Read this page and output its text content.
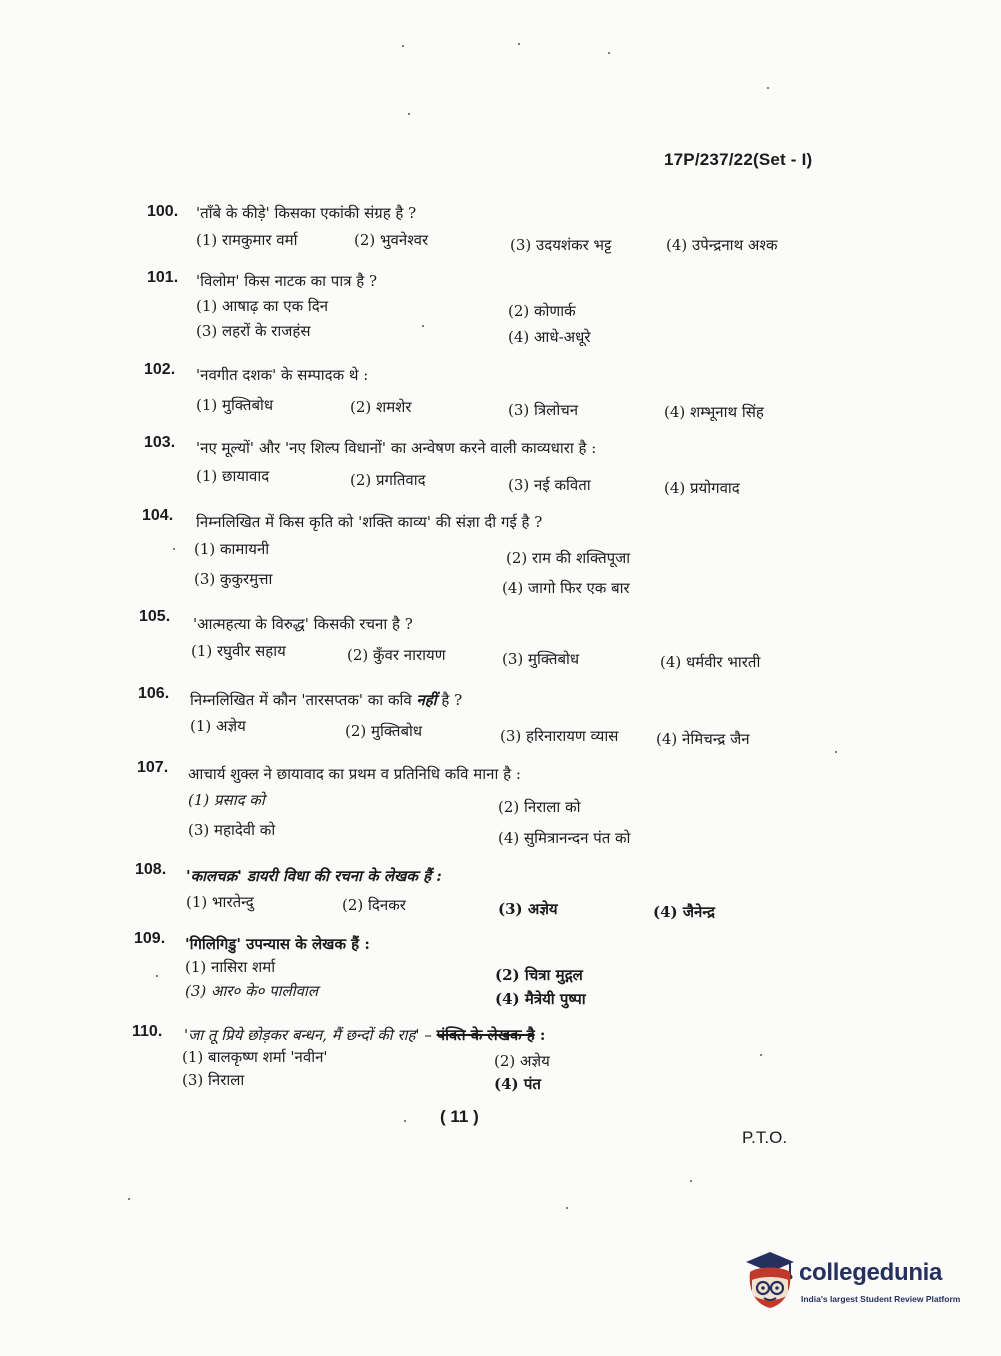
17P/237/22(Set - I)
100. 'ताँबे के कीड़े' किसका एकांकी संग्रह है ?
(1) रामकुमार वर्मा	(2) भुवनेश्वर	(3) उदयशंकर भट्ट	(4) उपेन्द्रनाथ अश्क
101. 'विलोम' किस नाटक का पात्र है ?
(1) आषाढ़ का एक दिन	(2) कोणार्क
(3) लहरों के राजहंस	(4) आधे-अधूरे
102. 'नवगीत दशक' के सम्पादक थे :
(1) मुक्तिबोध	(2) शमशेर	(3) त्रिलोचन	(4) शम्भूनाथ सिंह
103. 'नए मूल्यों' और 'नए शिल्प विधानों' का अन्वेषण करने वाली काव्यधारा है :
(1) छायावाद	(2) प्रगतिवाद	(3) नई कविता	(4) प्रयोगवाद
104. निम्नलिखित में किस कृति को 'शक्ति काव्य' की संज्ञा दी गई है ?
(1) कामायनी	(2) राम की शक्तिपूजा
(3) कुकुरमुत्ता	(4) जागो फिर एक बार
105. 'आत्महत्या के विरुद्ध' किसकी रचना है ?
(1) रघुवीर सहाय	(2) कुँवर नारायण	(3) मुक्तिबोध	(4) धर्मवीर भारती
106. निम्नलिखित में कौन 'तारसप्तक' का कवि नहीं है ?
(1) अज्ञेय	(2) मुक्तिबोध	(3) हरिनारायण व्यास	(4) नेमिचन्द्र जैन
107. आचार्य शुक्ल ने छायावाद का प्रथम व प्रतिनिधि कवि माना है :
(1) प्रसाद को	(2) निराला को
(3) महादेवी को	(4) सुमित्रानन्दन पंत को
108. 'कालचक्र' डायरी विधा की रचना के लेखक हैं :
(1) भारतेन्दु	(2) दिनकर	(3) अज्ञेय	(4) जैनेन्द्र
109. 'गिलिगिडु' उपन्यास के लेखक हैं :
(1) नासिरा शर्मा	(2) चित्रा मुद्गल
(3) आर० के० पालीवाल	(4) मैत्रेयी पुष्पा
110. 'जा तू प्रिये छोड़कर बन्धन, मैं छन्दों की राह' – पंक्ति के लेखक है :
(1) बालकृष्ण शर्मा 'नवीन'	(2) अज्ञेय
(3) निराला	(4) पंत
( 11 )
P.T.O.
collegedunia
India's largest Student Review Platform
